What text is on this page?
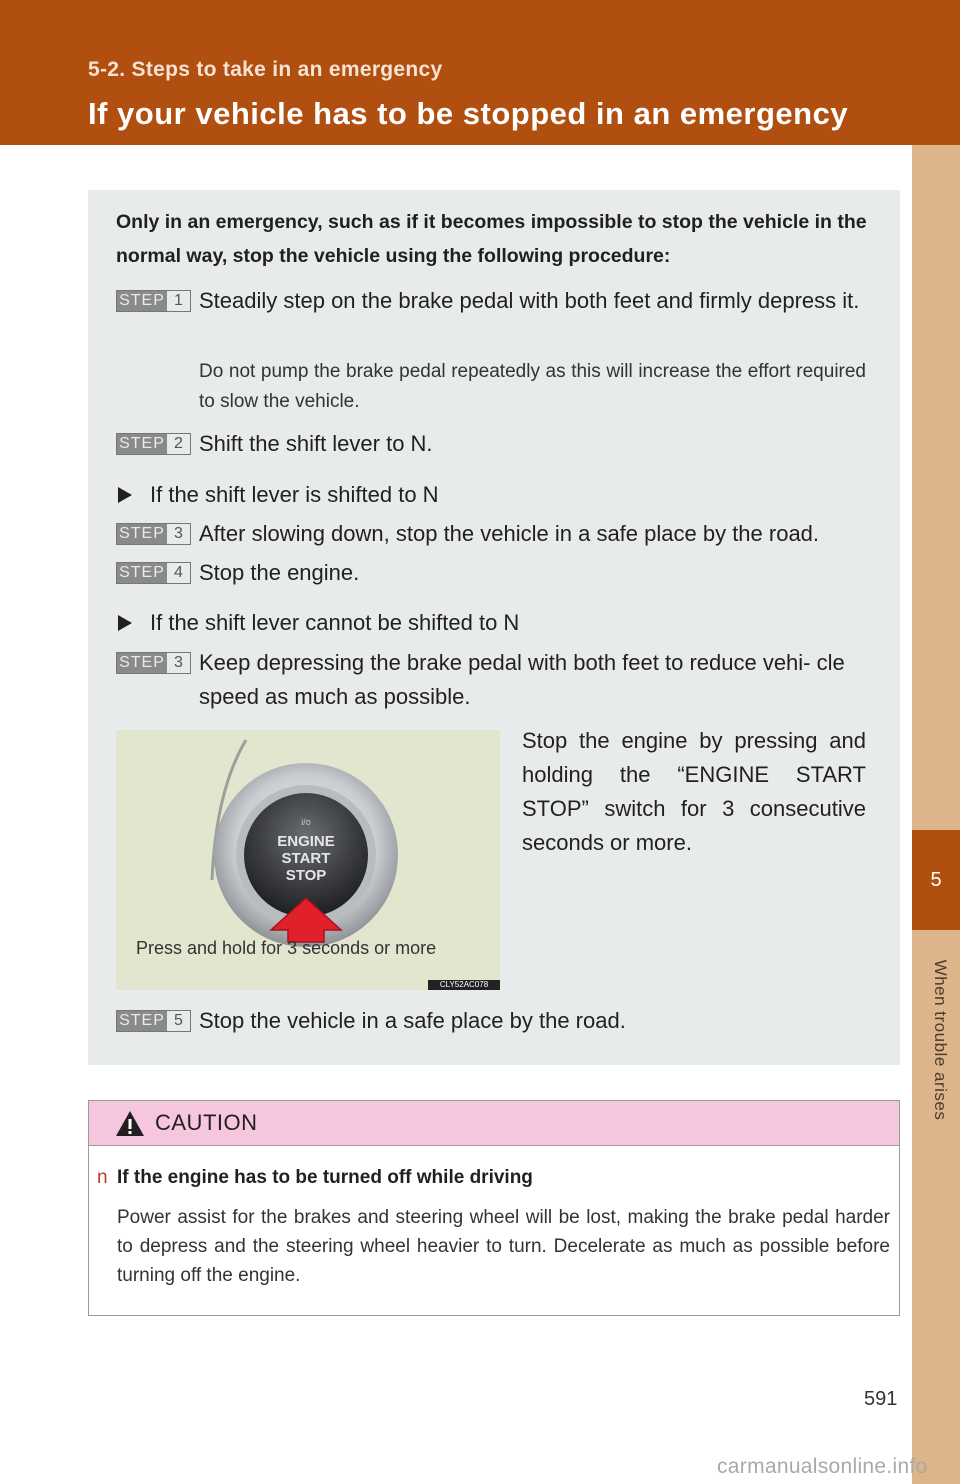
5-2. Steps to take in an emergency
If your vehicle has to be stopped in an emergency
5
When trouble arises
Only in an emergency, such as if it becomes impossible to stop the vehicle in the normal way, stop the vehicle using the following procedure:
STEP 1 Steadily step on the brake pedal with both feet and firmly depress it.
Do not pump the brake pedal repeatedly as this will increase the effort required to slow the vehicle.
STEP 2 Shift the shift lever to N.
If the shift lever is shifted to N
STEP 3 After slowing down, stop the vehicle in a safe place by the road.
STEP 4 Stop the engine.
If the shift lever cannot be shifted to N
STEP 3 Keep depressing the brake pedal with both feet to reduce vehi- cle speed as much as possible.
i/o
ENGINE
START
STOP
Press and hold for 3 seconds or more
CLY52AC078
Stop the engine by pressing and holding the “ENGINE START STOP” switch for 3 consecutive seconds or more.
STEP 5 Stop the vehicle in a safe place by the road.
CAUTION
n If the engine has to be turned off while driving
Power assist for the brakes and steering wheel will be lost, making the brake pedal harder to depress and the steering wheel heavier to turn. Decelerate as much as possible before turning off the engine.
591
carmanualsonline.info
